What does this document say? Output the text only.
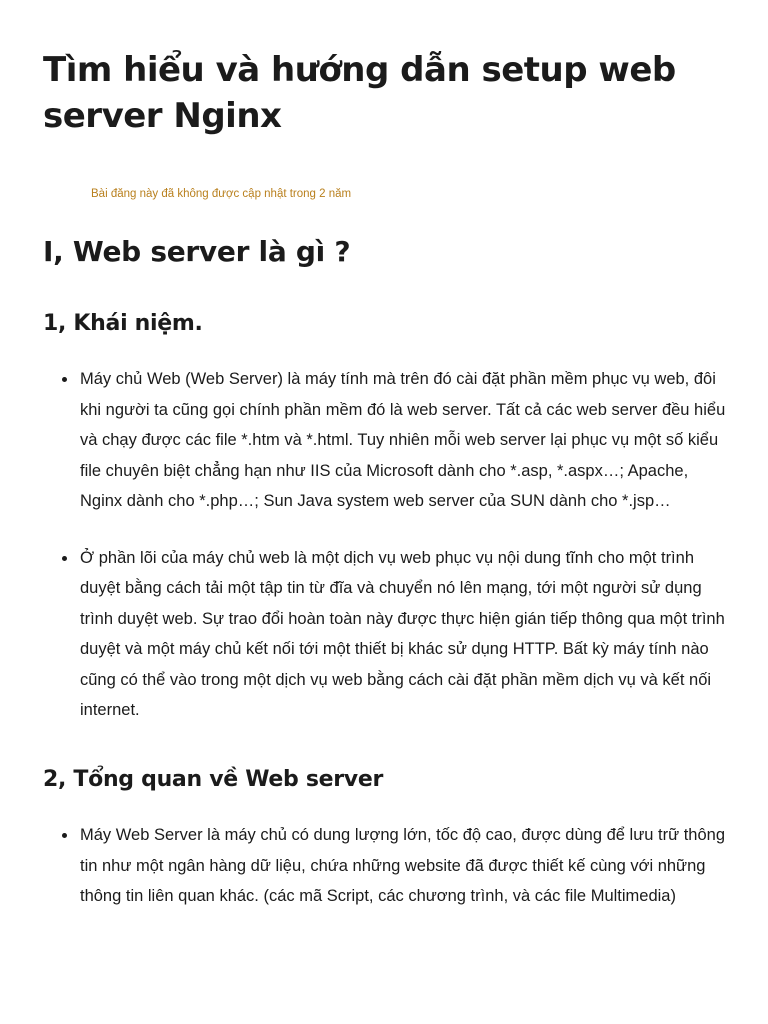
Tìm hiểu và hướng dẫn setup web server Nginx

Bài đăng này đã không được cập nhật trong 2 năm

I, Web server là gì ?
1, Khái niệm.
Máy chủ Web (Web Server) là máy tính mà trên đó cài đặt phần mềm phục vụ web, đôi khi người ta cũng gọi chính phần mềm đó là web server. Tất cả các web server đều hiểu và chạy được các file *.htm và *.html. Tuy nhiên mỗi web server lại phục vụ một số kiểu file chuyên biệt chẳng hạn như IIS của Microsoft dành cho *.asp, *.aspx…; Apache, Nginx dành cho *.php…; Sun Java system web server của SUN dành cho *.jsp…
Ở phần lõi của máy chủ web là một dịch vụ web phục vụ nội dung tĩnh cho một trình duyệt bằng cách tải một tập tin từ đĩa và chuyển nó lên mạng, tới một người sử dụng trình duyệt web. Sự trao đổi hoàn toàn này được thực hiện gián tiếp thông qua một trình duyệt và một máy chủ kết nối tới một thiết bị khác sử dụng HTTP. Bất kỳ máy tính nào cũng có thể vào trong một dịch vụ web bằng cách cài đặt phần mềm dịch vụ và kết nối internet.
2, Tổng quan về Web server
Máy Web Server là máy chủ có dung lượng lớn, tốc độ cao, được dùng để lưu trữ thông tin như một ngân hàng dữ liệu, chứa những website đã được thiết kế cùng với những thông tin liên quan khác. (các mã Script, các chương trình, và các file Multimedia)
